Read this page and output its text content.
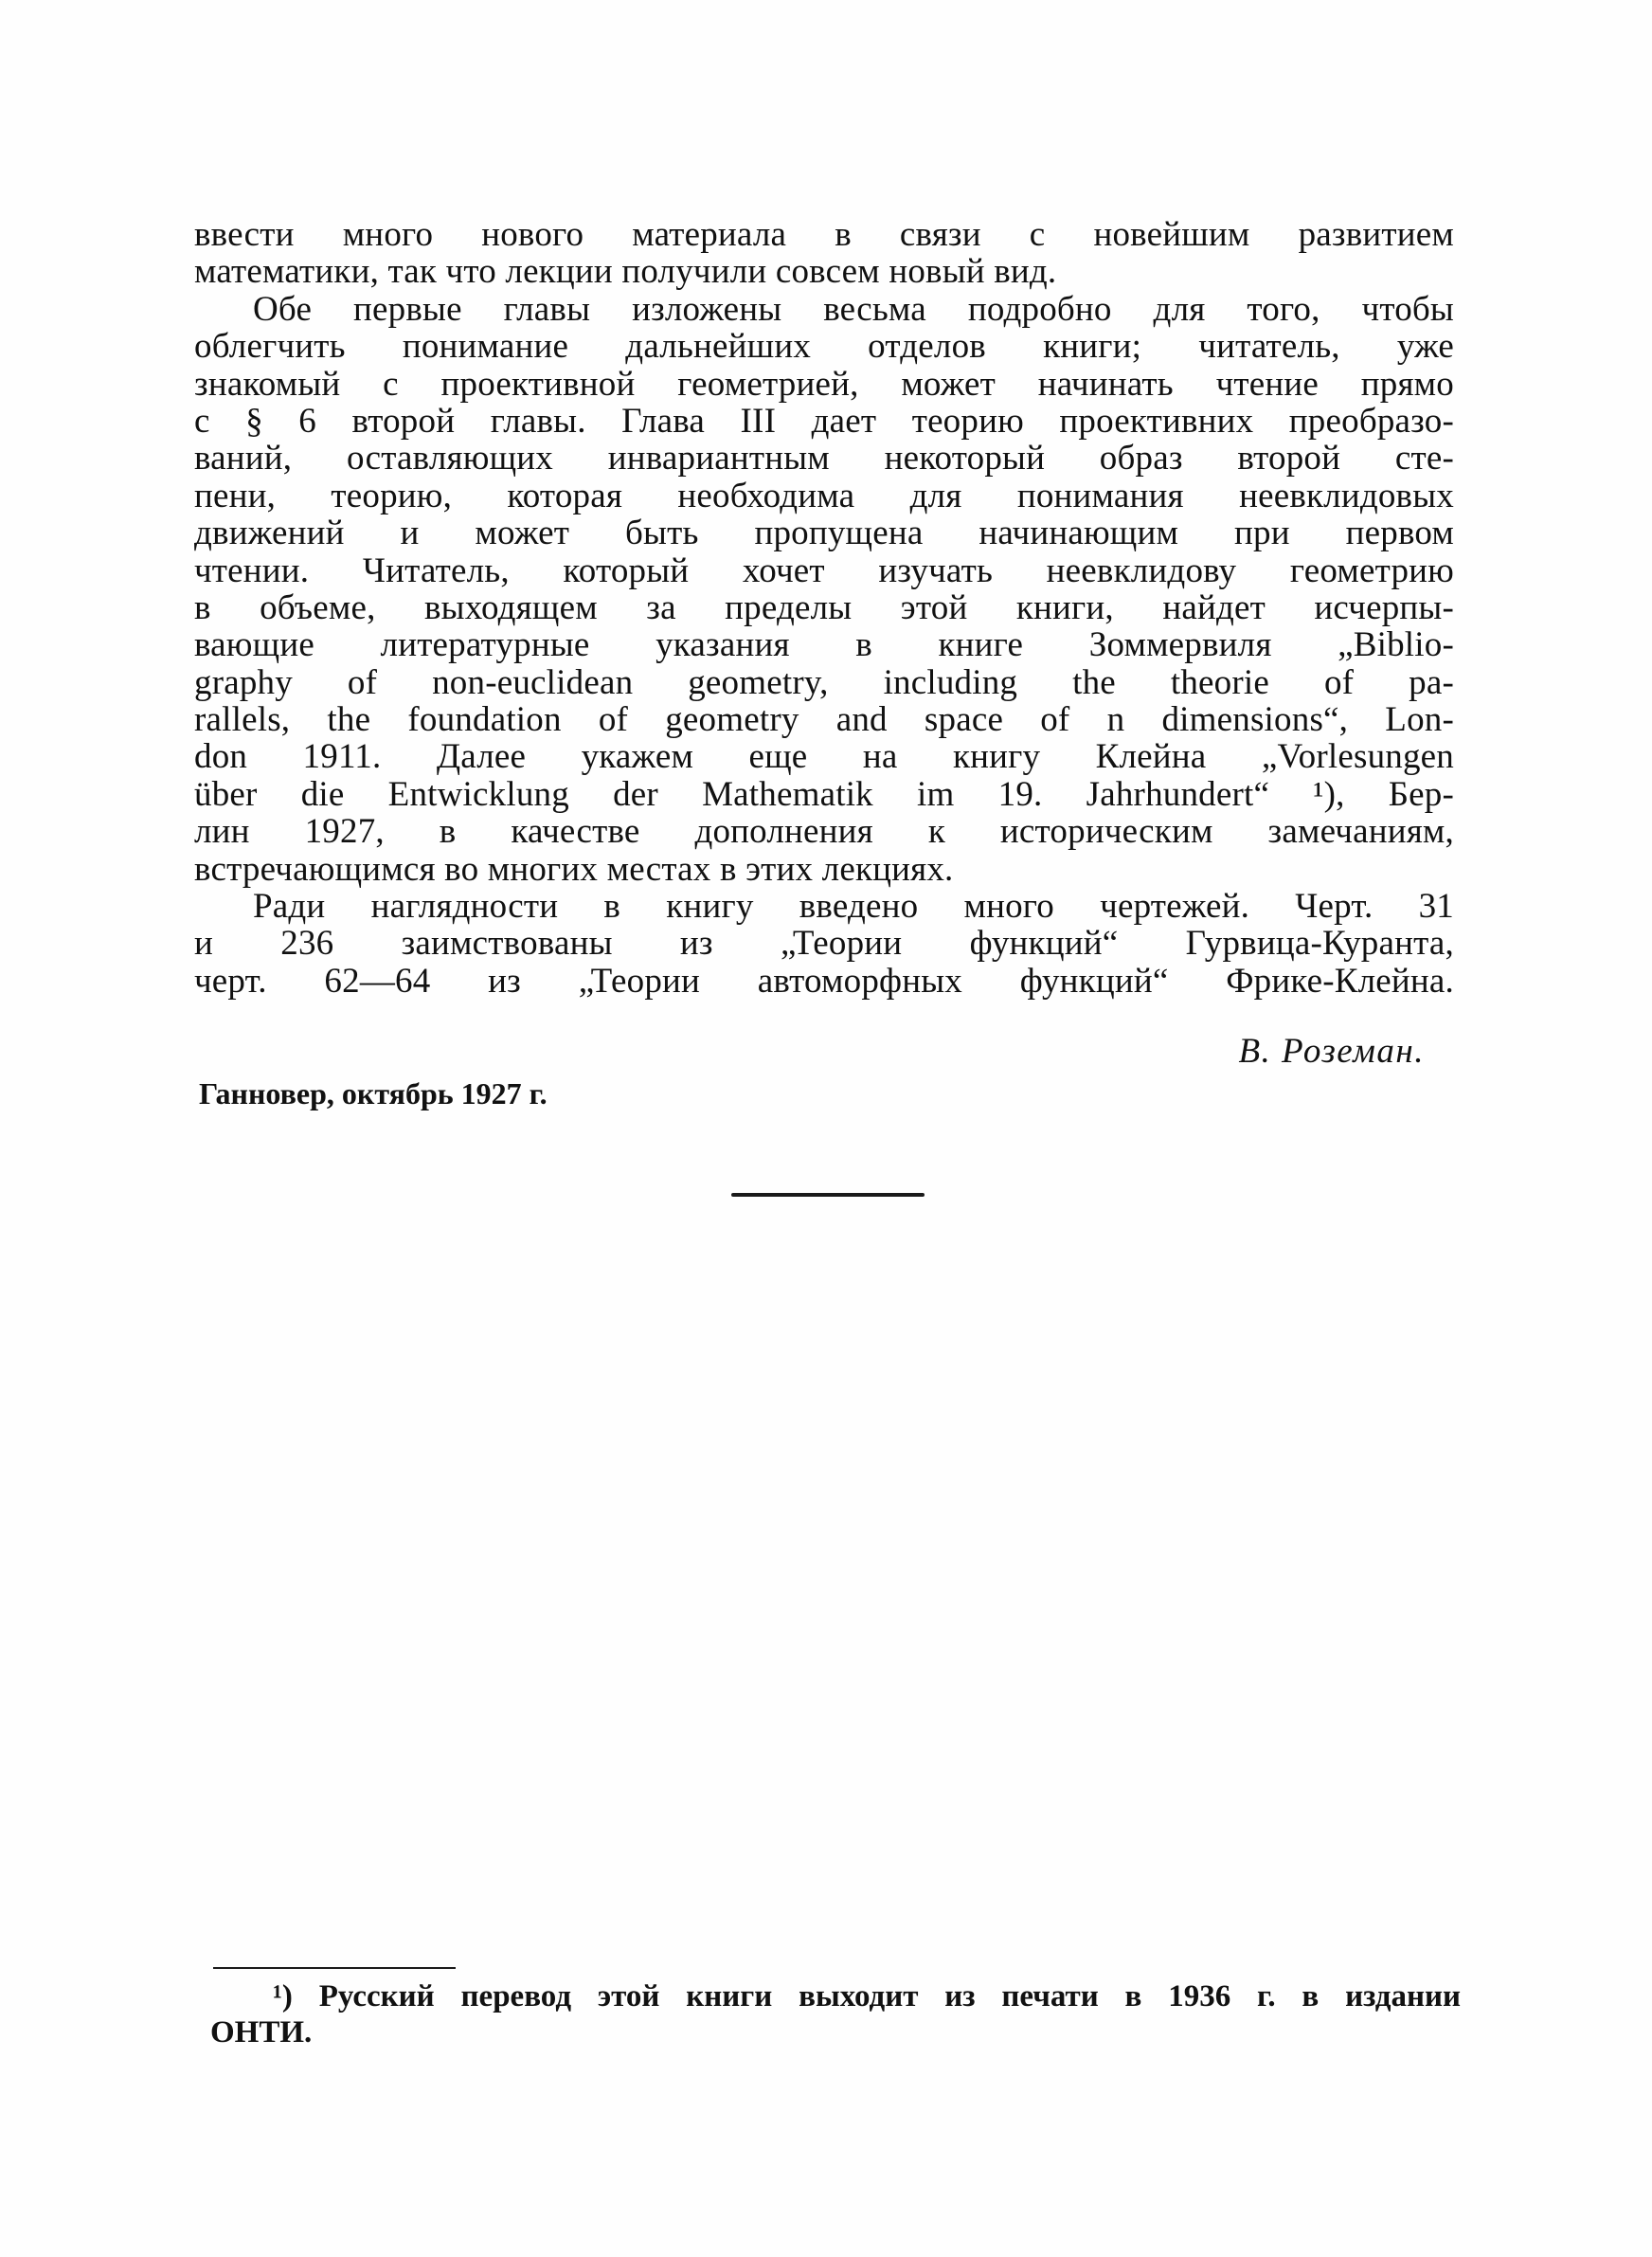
ввести много нового материала в связи с новейшим развитием
математики, так что лекции получили совсем новый вид.
Обе первые главы изложены весьма подробно для того, чтобы
облегчить понимание дальнейших отделов книги; читатель, уже
знакомый с проективной геометрией, может начинать чтение прямо
с § 6 второй главы. Глава III дает теорию проективних преобразо-
ваний, оставляющих инвариантным некоторый образ второй сте-
пени, теорию, которая необходима для понимания неевклидовых
движений и может быть пропущена начинающим при первом
чтении. Читатель, который хочет изучать неевклидову геометрию
в объеме, выходящем за пределы этой книги, найдет исчерпы-
вающие литературные указания в книге Зоммервиля „Biblio-
graphy of non-euclidean geometry, including the theorie of pa-
rallels, the foundation of geometry and space of n dimensions“, Lon-
don 1911. Далее укажем еще на книгу Клейна „Vorlesungen
über die Entwicklung der Mathematik im 19. Jahrhundert“ ¹), Бер-
лин 1927, в качестве дополнения к историческим замечаниям,
встречающимся во многих местах в этих лекциях.
Ради наглядности в книгу введено много чертежей. Черт. 31
и 236 заимствованы из „Теории функций“ Гурвица-Куранта,
черт. 62—64 из „Теории автоморфных функций“ Фрике-Клейна.
В. Роземан.
Ганновер, октябрь 1927 г.
¹) Русский перевод этой книги выходит из печати в 1936 г. в издании
ОНТИ.
